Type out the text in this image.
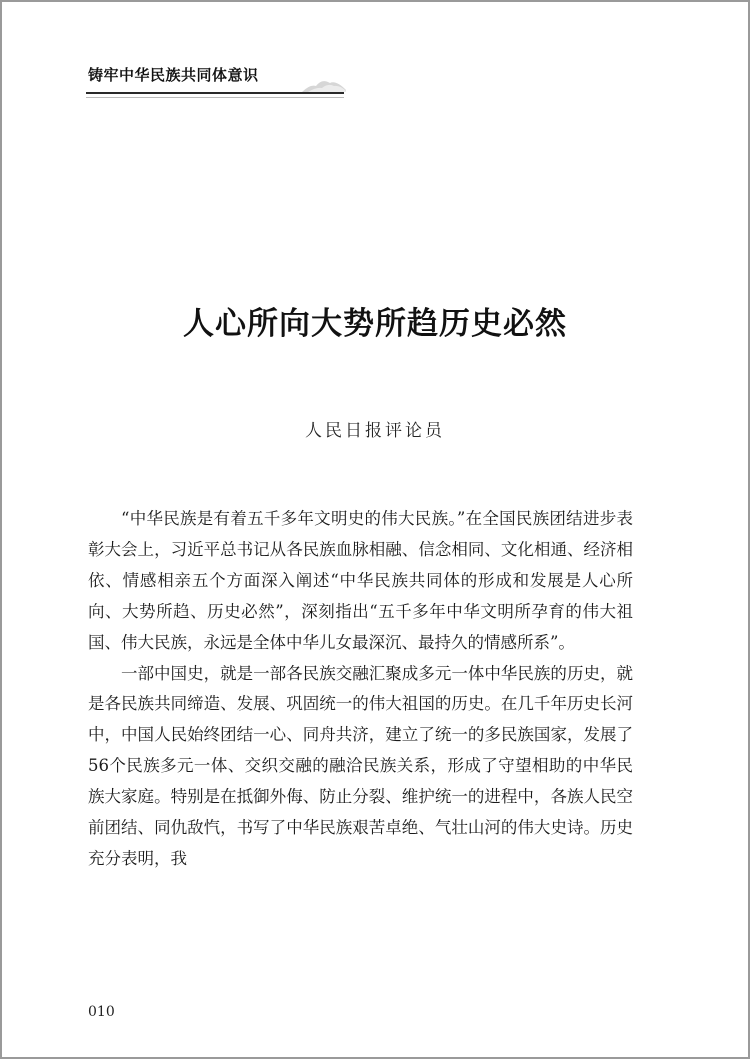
铸牢中华民族共同体意识
人心所向大势所趋历史必然
人民日报评论员

“中华民族是有着五千多年文明史的伟大民族。”在全国民族团结进步表彰大会上，习近平总书记从各民族血脉相融、信念相同、文化相通、经济相依、情感相亲五个方面深入阐述“中华民族共同体的形成和发展是人心所向、大势所趋、历史必然”，深刻指出“五千多年中华文明所孕育的伟大祖国、伟大民族，永远是全体中华儿女最深沉、最持久的情感所系”。

一部中国史，就是一部各民族交融汇聚成多元一体中华民族的历史，就是各民族共同缔造、发展、巩固统一的伟大祖国的历史。在几千年历史长河中，中国人民始终团结一心、同舟共济，建立了统一的多民族国家，发展了56个民族多元一体、交织交融的融洽民族关系，形成了守望相助的中华民族大家庭。特别是在抵御外侮、防止分裂、维护统一的进程中，各族人民空前团结、同仇敌忾，书写了中华民族艰苦卓绝、气壮山河的伟大史诗。历史充分表明，我

010
